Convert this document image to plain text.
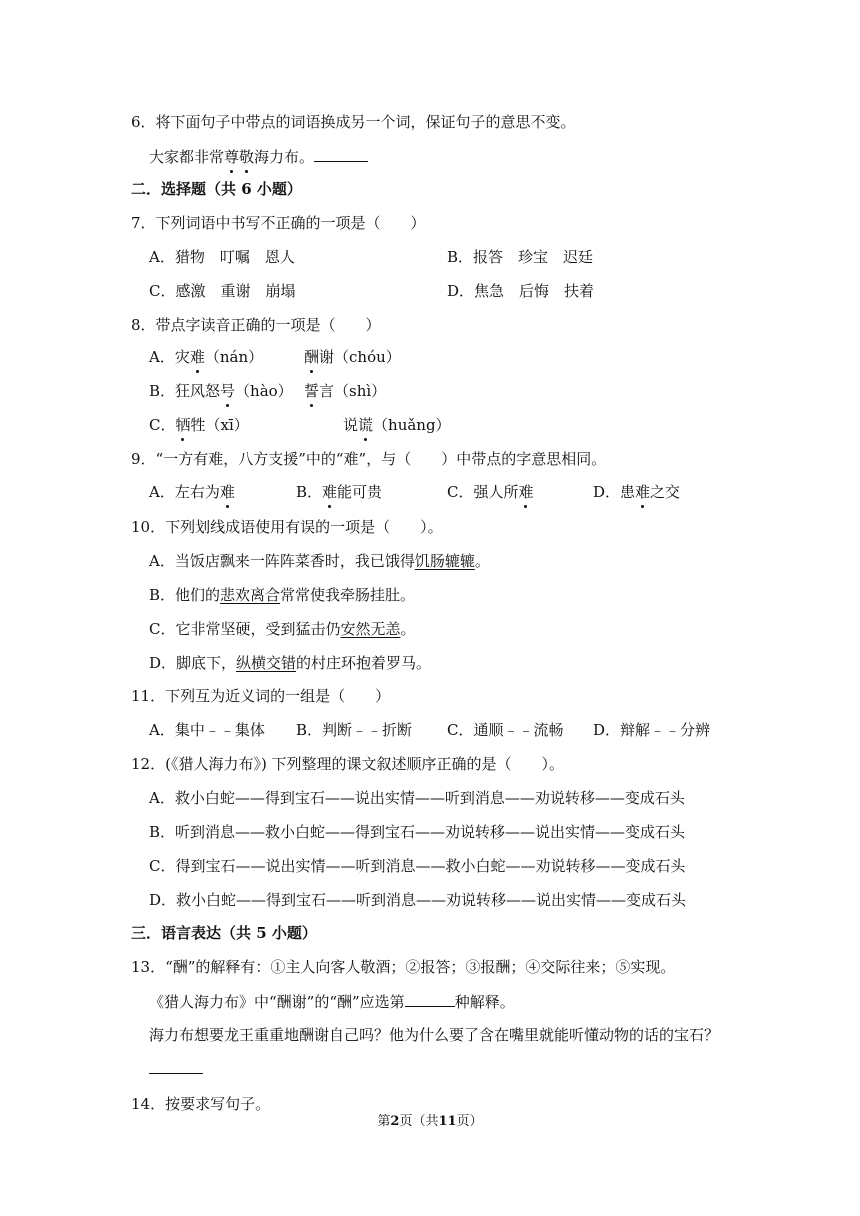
6．将下面句子中带点的词语换成另一个词，保证句子的意思不变。
大家都非常尊敬海力布。
二．选择题（共 6 小题）
7．下列词语中书写不正确的一项是（　　）
A．猎物　叮嘱　恩人	B．报答　珍宝　迟廷
C．感激　重谢　崩塌	D．焦急　后悔　扶着
8．带点字读音正确的一项是（　　）
A．灾难（nán）	酬谢（chóu）
B．狂风怒号（hào） 誓言（shì）
C．牺牲（xī）	说谎（huǎng）
9．“一方有难，八方支援”中的“难”，与（　　）中带点的字意思相同。
A．左右为难	B．难能可贵	C．强人所难	D．患难之交
10．下列划线成语使用有误的一项是（　　）。
A．当饭店飘来一阵阵菜香时，我已饿得饥肠辘辘。
B．他们的悲欢离合常常使我牵肠挂肚。
C．它非常坚硬，受到猛击仍安然无恙。
D．脚底下，纵横交错的村庄环抱着罗马。
11．下列互为近义词的一组是（　　）
A．集中﹣﹣集体 B．判断﹣﹣折断 C．通顺﹣﹣流畅 D．辩解﹣﹣分辨
12．(《猎人海力布》) 下列整理的课文叙述顺序正确的是（　　）。
A．救小白蛇——得到宝石——说出实情——听到消息——劝说转移——变成石头
B．听到消息——救小白蛇——得到宝石——劝说转移——说出实情——变成石头
C．得到宝石——说出实情——听到消息——救小白蛇——劝说转移——变成石头
D．救小白蛇——得到宝石——听到消息——劝说转移——说出实情——变成石头
三．语言表达（共 5 小题）
13．“酬”的解释有：①主人向客人敬酒；②报答；③报酬；④交际往来；⑤实现。
《猎人海力布》中“酬谢”的“酬”应选第	种解释。
海力布想要龙王重重地酬谢自己吗？他为什么要了含在嘴里就能听懂动物的话的宝石？
14．按要求写句子。
第2页（共11页）
